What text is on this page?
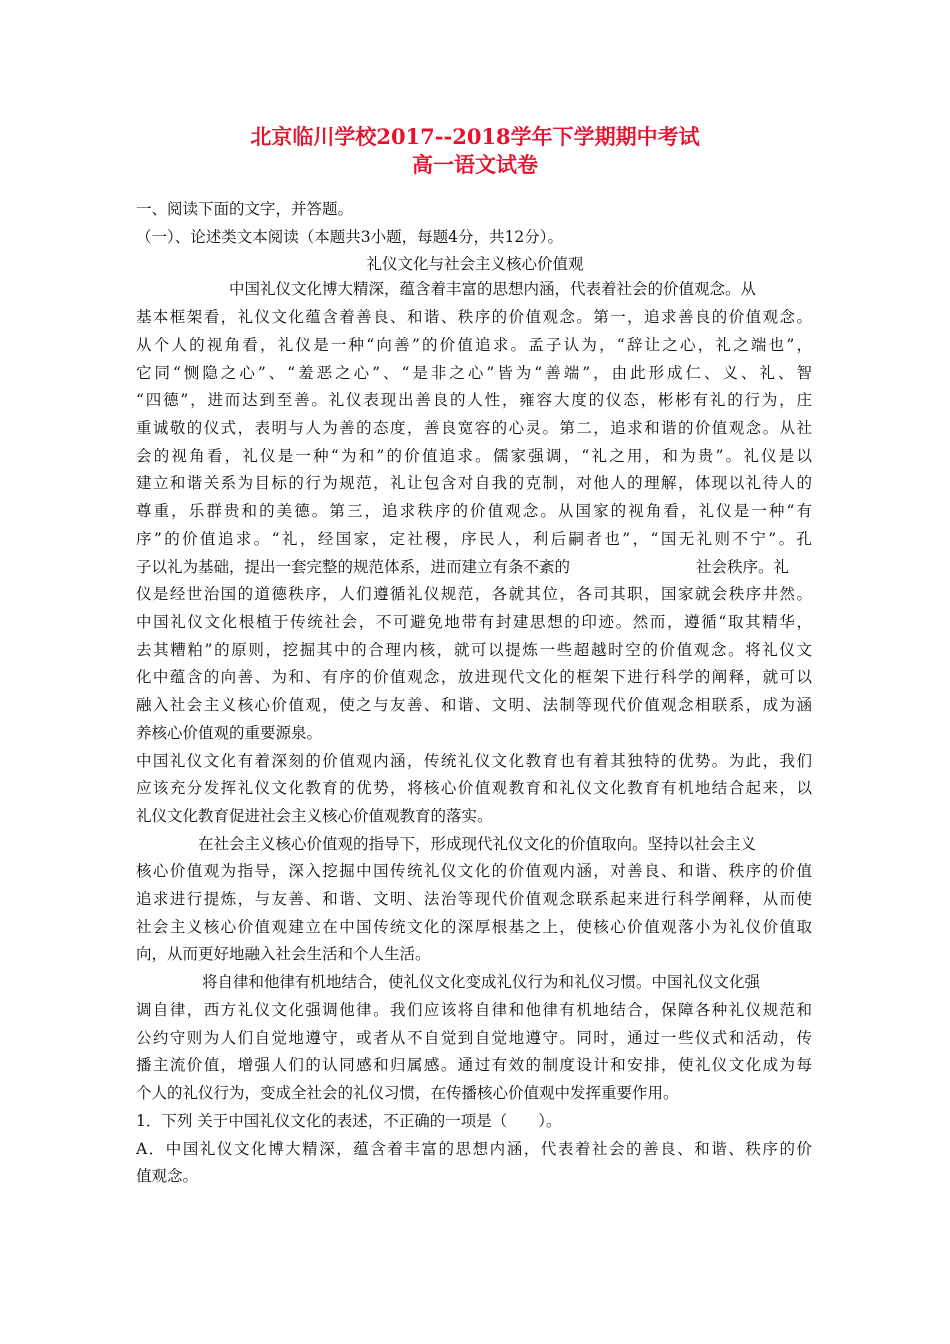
北京临川学校2017--2018学年下学期期中考试
高一语文试卷
一、阅读下面的文字，并答题。
（一）、论述类文本阅读（本题共3小题，每题4分，共12分）。
礼仪文化与社会主义核心价值观
中国礼仪文化博大精深，蕴含着丰富的思想内涵，代表着社会的价值观念。从
基本框架看，礼仪文化蕴含着善良、和谐、秩序的价值观念。第一，追求善良的价值观念。
从个人的视角看，礼仪是一种“向善”的价值追求。孟子认为，“辞让之心，礼之端也”，
它同“恻隐之心”、“羞恶之心”、“是非之心”皆为“善端”，由此形成仁、义、礼、智
“四德”，进而达到至善。礼仪表现出善良的人性，雍容大度的仪态，彬彬有礼的行为，庄
重诚敬的仪式，表明与人为善的态度，善良宽容的心灵。第二，追求和谐的价值观念。从社
会的视角看，礼仪是一种“为和”的价值追求。儒家强调，“礼之用，和为贵”。礼仪是以
建立和谐关系为目标的行为规范，礼让包含对自我的克制，对他人的理解，体现以礼待人的
尊重，乐群贵和的美德。第三，追求秩序的价值观念。从国家的视角看，礼仪是一种“有
序”的价值追求。“礼，经国家，定社稷，序民人，利后嗣者也”，“国无礼则不宁”。孔
子以礼为基础，提出一套完整的规范体系，进而建立有条不紊的	社会秩序。礼
仪是经世治国的道德秩序，人们遵循礼仪规范，各就其位，各司其职，国家就会秩序井然。
中国礼仪文化根植于传统社会，不可避免地带有封建思想的印迹。然而，遵循“取其精华，
去其糟粕”的原则，挖掘其中的合理内核，就可以提炼一些超越时空的价值观念。将礼仪文
化中蕴含的向善、为和、有序的价值观念，放进现代文化的框架下进行科学的阐释，就可以
融入社会主义核心价值观，使之与友善、和谐、文明、法制等现代价值观念相联系，成为涵
养核心价值观的重要源泉。
中国礼仪文化有着深刻的价值观内涵，传统礼仪文化教育也有着其独特的优势。为此，我们
应该充分发挥礼仪文化教育的优势，将核心价值观教育和礼仪文化教育有机地结合起来，以
礼仪文化教育促进社会主义核心价值观教育的落实。
在社会主义核心价值观的指导下，形成现代礼仪文化的价值取向。坚持以社会主义
核心价值观为指导，深入挖掘中国传统礼仪文化的价值观内涵，对善良、和谐、秩序的价值
追求进行提炼，与友善、和谐、文明、法治等现代价值观念联系起来进行科学阐释，从而使
社会主义核心价值观建立在中国传统文化的深厚根基之上，使核心价值观落小为礼仪价值取
向，从而更好地融入社会生活和个人生活。
将自律和他律有机地结合，使礼仪文化变成礼仪行为和礼仪习惯。中国礼仪文化强
调自律，西方礼仪文化强调他律。我们应该将自律和他律有机地结合，保障各种礼仪规范和
公约守则为人们自觉地遵守，或者从不自觉到自觉地遵守。同时，通过一些仪式和活动，传
播主流价值，增强人们的认同感和归属感。通过有效的制度设计和安排，使礼仪文化成为每
个人的礼仪行为，变成全社会的礼仪习惯，在传播核心价值观中发挥重要作用。
1．下列 关于中国礼仪文化的表述，不正确的一项是（　　）。
A．中国礼仪文化博大精深，蕴含着丰富的思想内涵，代表着社会的善良、和谐、秩序的价
值观念。
